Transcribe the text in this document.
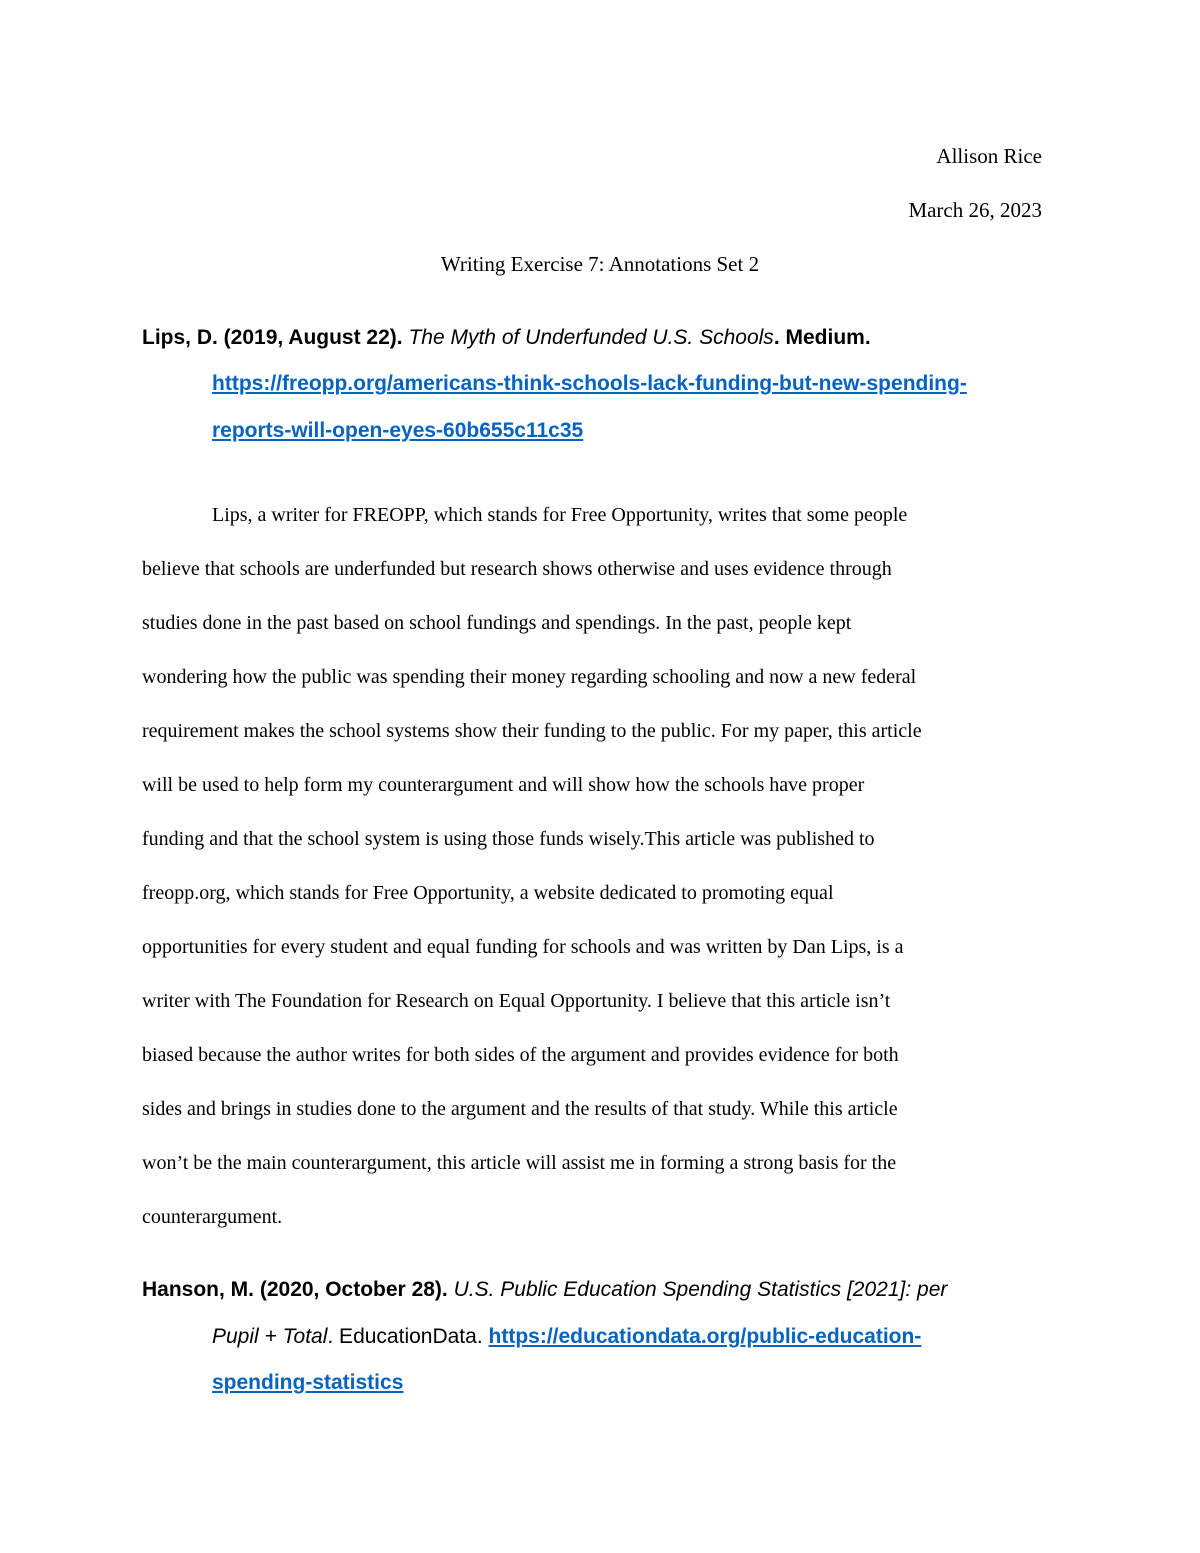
Allison Rice
March 26, 2023
Writing Exercise 7: Annotations Set 2
Lips, D. (2019, August 22). The Myth of Underfunded U.S. Schools. Medium.
https://freopp.org/americans-think-schools-lack-funding-but-new-spending-
reports-will-open-eyes-60b655c11c35
Lips, a writer for FREOPP, which stands for Free Opportunity, writes that some people
believe that schools are underfunded but research shows otherwise and uses evidence through
studies done in the past based on school fundings and spendings. In the past, people kept
wondering how the public was spending their money regarding schooling and now a new federal
requirement makes the school systems show their funding to the public. For my paper, this article
will be used to help form my counterargument and will show how the schools have proper
funding and that the school system is using those funds wisely.This article was published to
freopp.org, which stands for Free Opportunity, a website dedicated to promoting equal
opportunities for every student and equal funding for schools and was written by Dan Lips, is a
writer with The Foundation for Research on Equal Opportunity. I believe that this article isn’t
biased because the author writes for both sides of the argument and provides evidence for both
sides and brings in studies done to the argument and the results of that study. While this article
won’t be the main counterargument, this article will assist me in forming a strong basis for the
counterargument.
Hanson, M. (2020, October 28). U.S. Public Education Spending Statistics [2021]: per
Pupil + Total. EducationData. https://educationdata.org/public-education-
spending-statistics
